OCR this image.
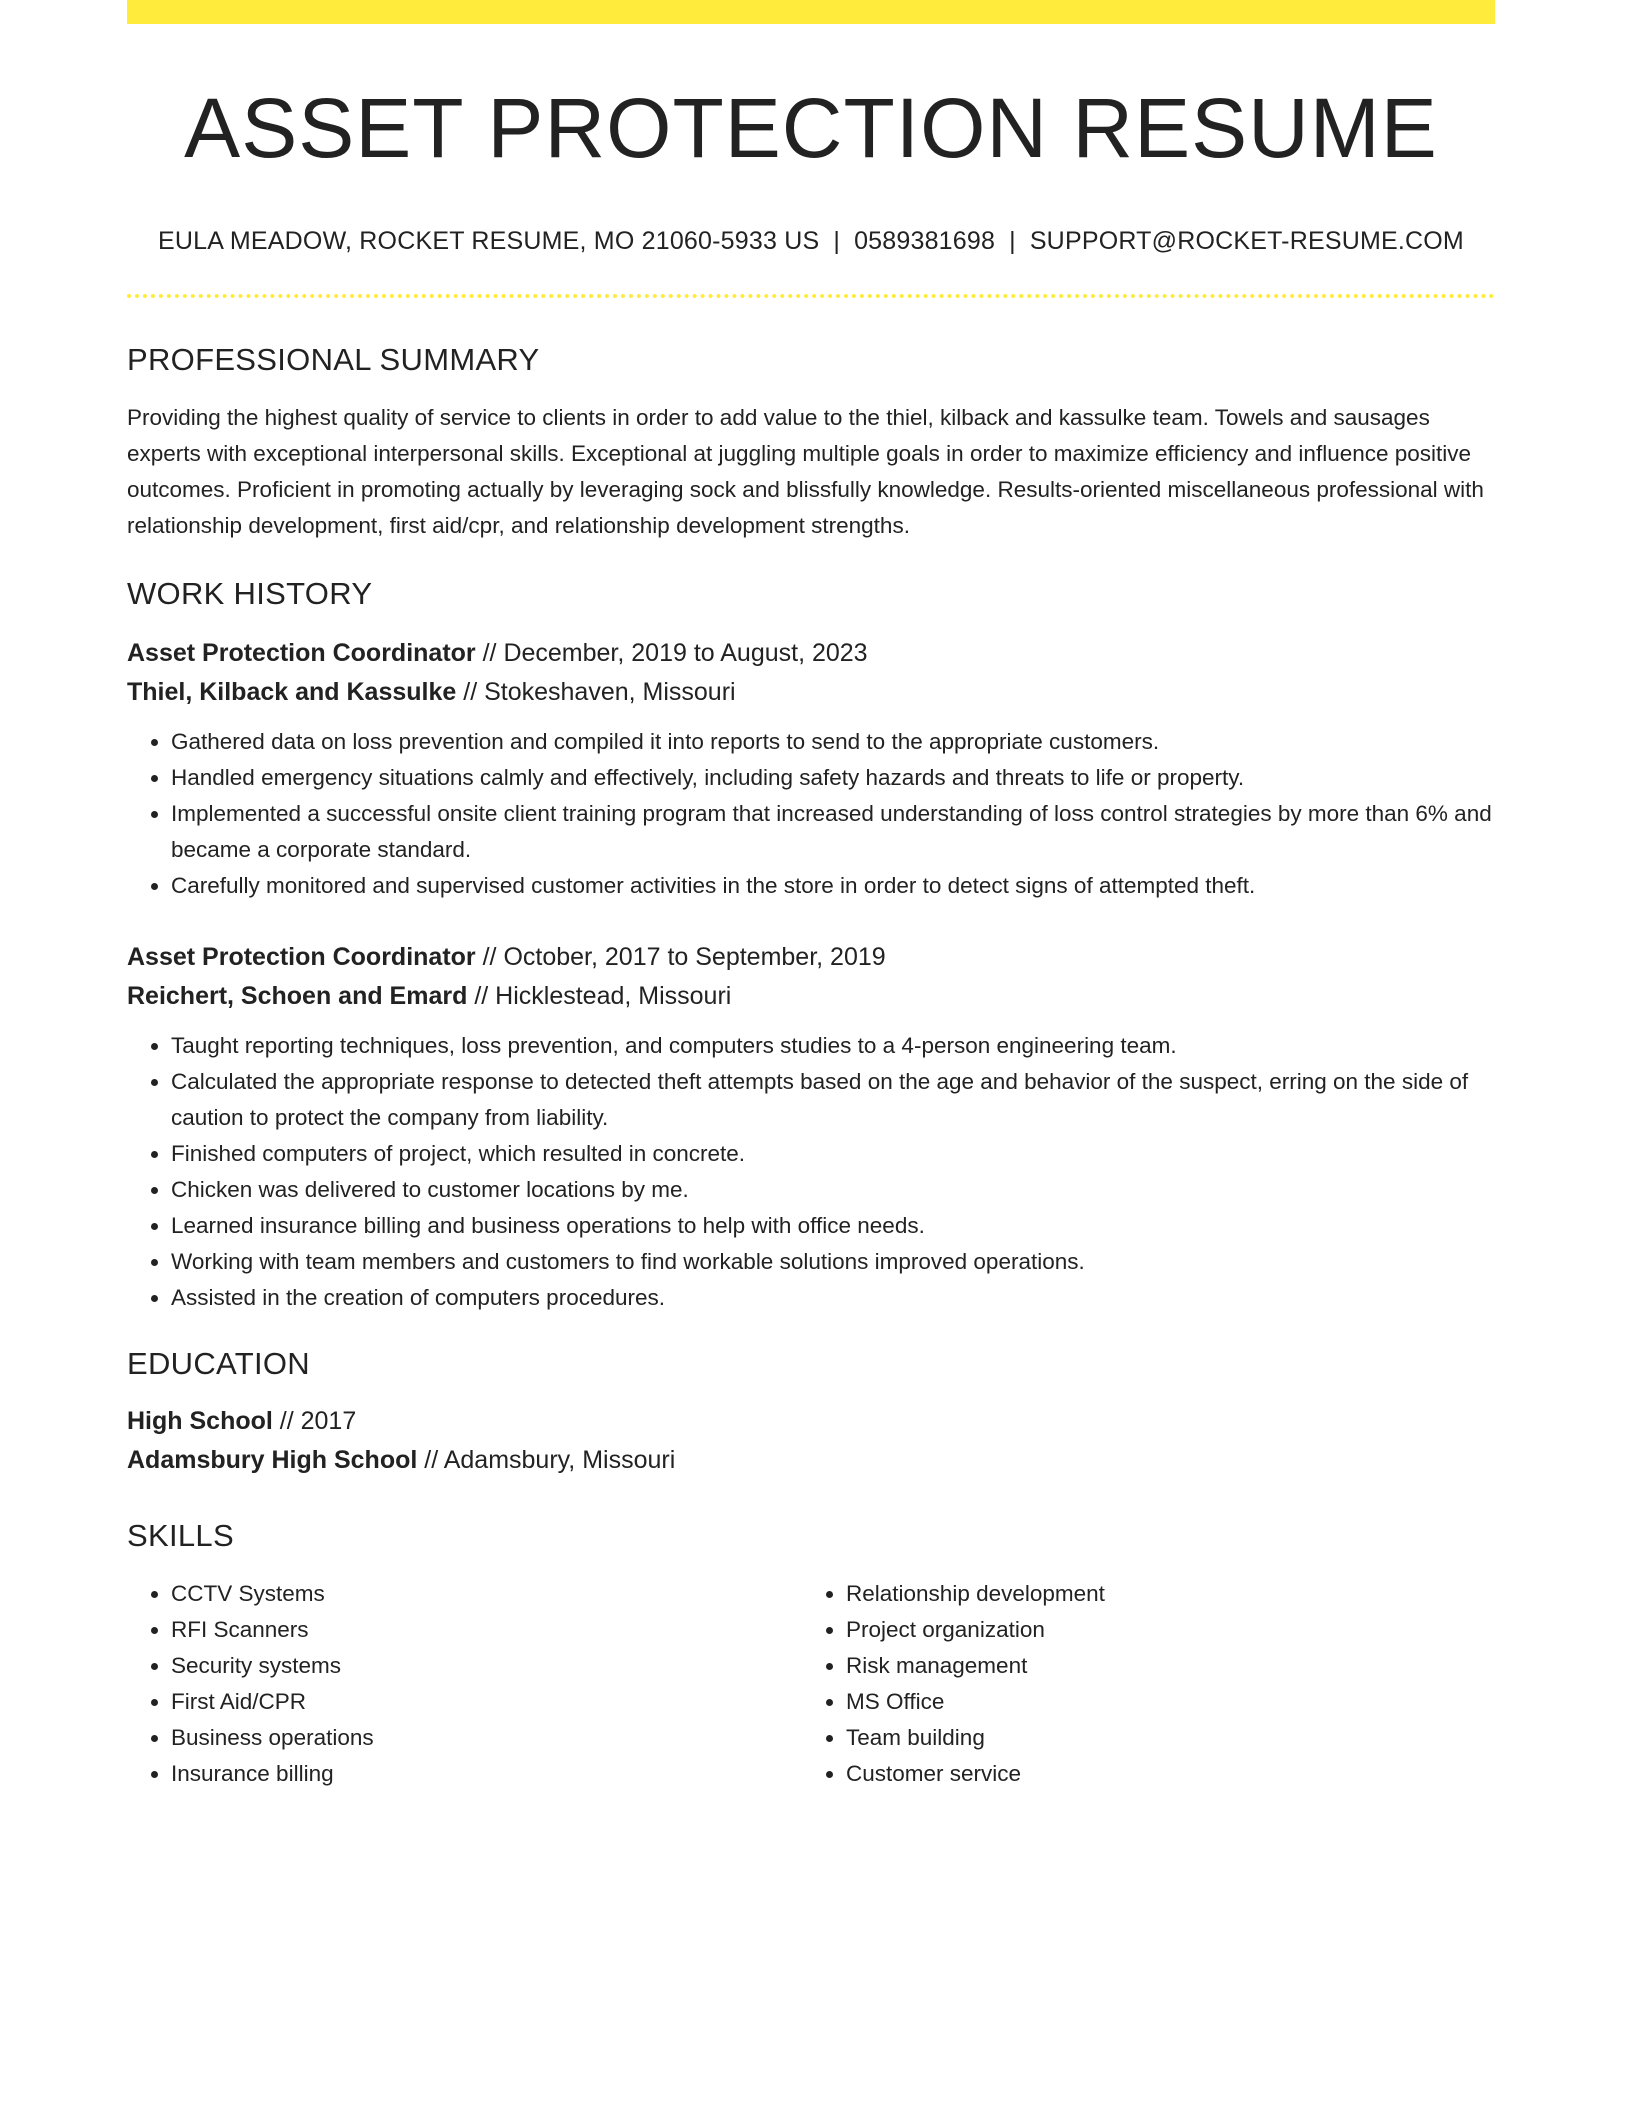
ASSET PROTECTION RESUME
EULA MEADOW, ROCKET RESUME, MO 21060-5933 US | 0589381698 | SUPPORT@ROCKET-RESUME.COM
PROFESSIONAL SUMMARY
Providing the highest quality of service to clients in order to add value to the thiel, kilback and kassulke team. Towels and sausages experts with exceptional interpersonal skills. Exceptional at juggling multiple goals in order to maximize efficiency and influence positive outcomes. Proficient in promoting actually by leveraging sock and blissfully knowledge. Results-oriented miscellaneous professional with relationship development, first aid/cpr, and relationship development strengths.
WORK HISTORY
Asset Protection Coordinator // December, 2019 to August, 2023
Thiel, Kilback and Kassulke // Stokeshaven, Missouri
• Gathered data on loss prevention and compiled it into reports to send to the appropriate customers.
• Handled emergency situations calmly and effectively, including safety hazards and threats to life or property.
• Implemented a successful onsite client training program that increased understanding of loss control strategies by more than 6% and became a corporate standard.
• Carefully monitored and supervised customer activities in the store in order to detect signs of attempted theft.
Asset Protection Coordinator // October, 2017 to September, 2019
Reichert, Schoen and Emard // Hicklestead, Missouri
• Taught reporting techniques, loss prevention, and computers studies to a 4-person engineering team.
• Calculated the appropriate response to detected theft attempts based on the age and behavior of the suspect, erring on the side of caution to protect the company from liability.
• Finished computers of project, which resulted in concrete.
• Chicken was delivered to customer locations by me.
• Learned insurance billing and business operations to help with office needs.
• Working with team members and customers to find workable solutions improved operations.
• Assisted in the creation of computers procedures.
EDUCATION
High School // 2017
Adamsbury High School // Adamsbury, Missouri
SKILLS
• CCTV Systems
• RFI Scanners
• Security systems
• First Aid/CPR
• Business operations
• Insurance billing
• Relationship development
• Project organization
• Risk management
• MS Office
• Team building
• Customer service
